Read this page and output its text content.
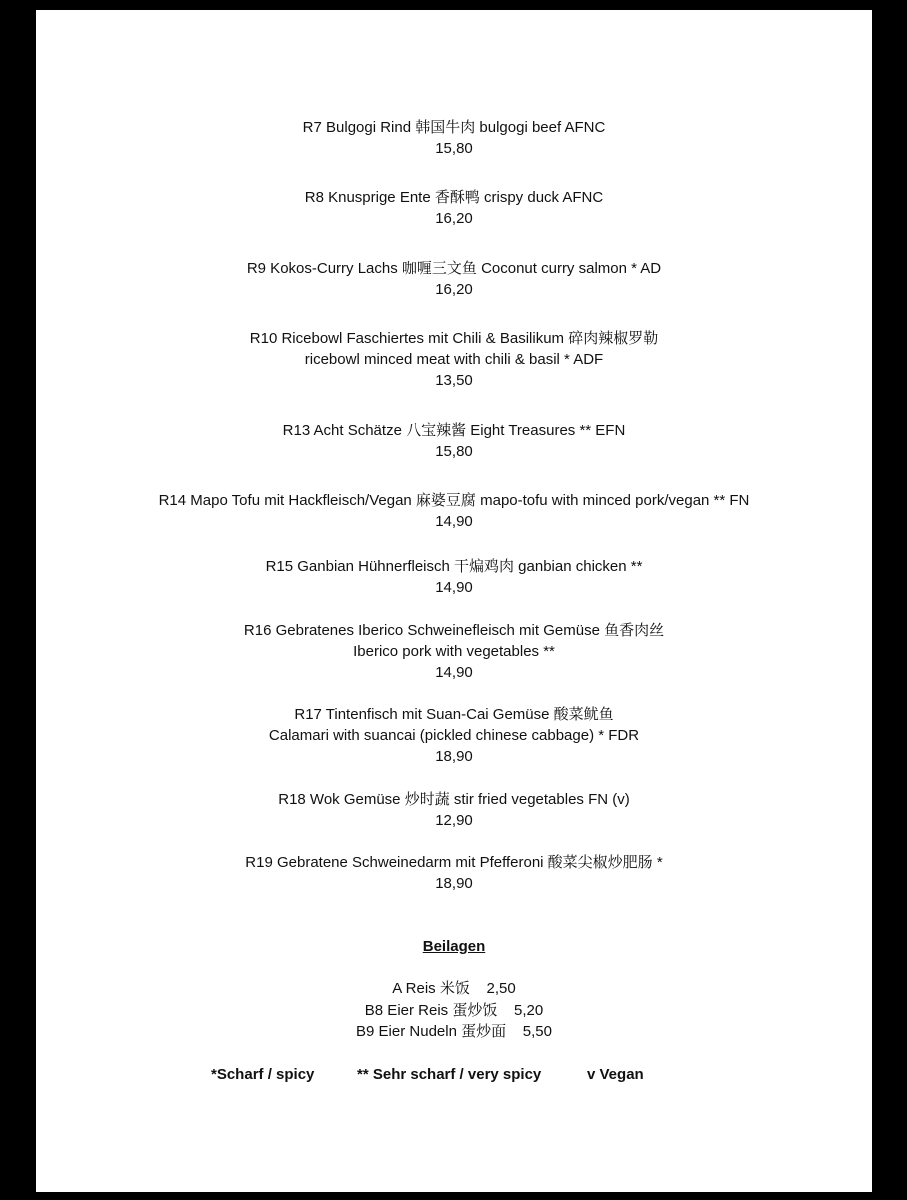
R7 Bulgogi Rind 韩国牛肉 bulgogi beef AFNC
15,80
R8 Knusprige Ente 香酥鸭 crispy duck AFNC
16,20
R9 Kokos-Curry Lachs 咖喱三文鱼 Coconut curry salmon * AD
16,20
R10 Ricebowl Faschiertes mit Chili & Basilikum 碎肉辣椒罗勒
ricebowl minced meat with chili & basil * ADF
13,50
R13 Acht Schätze 八宝辣酱 Eight Treasures ** EFN
15,80
R14 Mapo Tofu mit Hackfleisch/Vegan 麻婆豆腐 mapo-tofu with minced pork/vegan ** FN
14,90
R15 Ganbian Hühnerfleisch 干煸鸡肉 ganbian chicken **
14,90
R16 Gebratenes Iberico Schweinefleisch mit Gemüse 鱼香肉丝
Iberico pork with vegetables **
14,90
R17 Tintenfisch mit Suan-Cai Gemüse 酸菜鱿鱼
Calamari with suancai (pickled chinese cabbage) * FDR
18,90
R18 Wok Gemüse 炒时蔬 stir fried vegetables FN (v)
12,90
R19 Gebratene Schweinedarm mit Pfefferoni 酸菜尖椒炒肥肠 *
18,90
Beilagen
A Reis 米饭    2,50
B8 Eier Reis 蛋炒饭    5,20
B9 Eier Nudeln 蛋炒面    5,50
*Scharf / spicy	** Sehr scharf / very spicy	v Vegan
